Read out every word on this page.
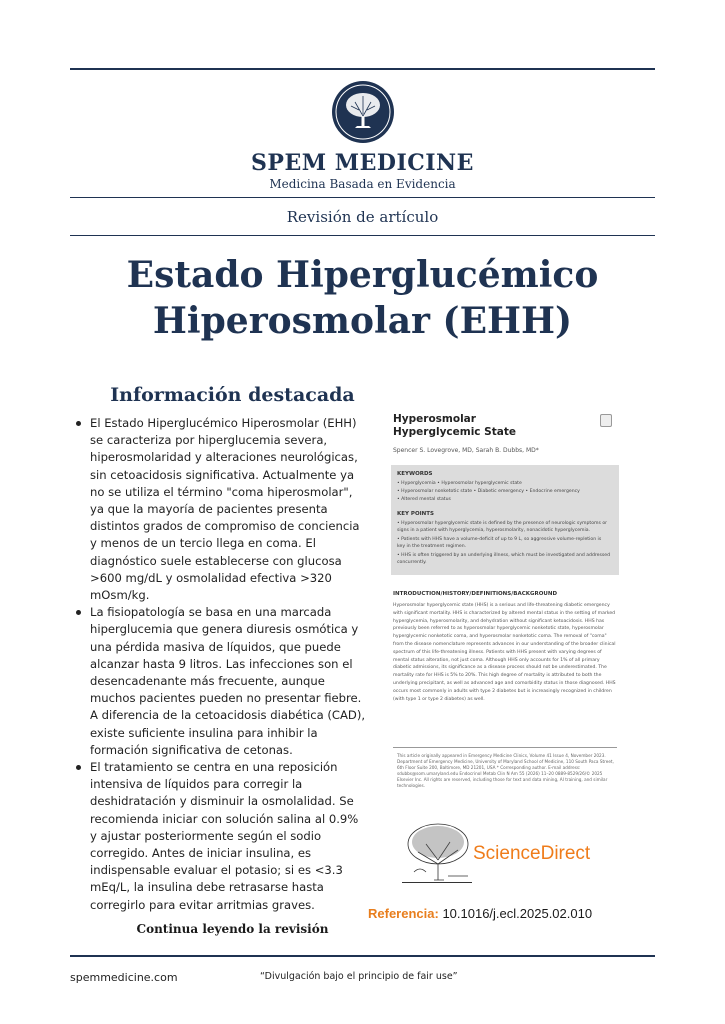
SPEM MEDICINE
Medicina Basada en Evidencia
Revisión de artículo
Estado Hiperglucémico
Hiperosmolar (EHH)
Información destacada
El Estado Hiperglucémico Hiperosmolar (EHH) se caracteriza por hiperglucemia severa, hiperosmolaridad y alteraciones neurológicas, sin cetoacidosis significativa. Actualmente ya no se utiliza el término "coma hiperosmolar", ya que la mayoría de pacientes presenta distintos grados de compromiso de conciencia y menos de un tercio llega en coma. El diagnóstico suele establecerse con glucosa >600 mg/dL y osmolalidad efectiva >320 mOsm/kg.
La fisiopatología se basa en una marcada hiperglucemia que genera diuresis osmótica y una pérdida masiva de líquidos, que puede alcanzar hasta 9 litros. Las infecciones son el desencadenante más frecuente, aunque muchos pacientes pueden no presentar fiebre. A diferencia de la cetoacidosis diabética (CAD), existe suficiente insulina para inhibir la formación significativa de cetonas.
El tratamiento se centra en una reposición intensiva de líquidos para corregir la deshidratación y disminuir la osmolalidad. Se recomienda iniciar con solución salina al 0.9% y ajustar posteriormente según el sodio corregido. Antes de iniciar insulina, es indispensable evaluar el potasio; si es <3.3 mEq/L, la insulina debe retrasarse hasta corregirlo para evitar arritmias graves.
Continua leyendo la revisión
Hyperosmolar
Hyperglycemic State
Spencer S. Lovegrove, MD, Sarah B. Dubbs, MD*
KEYWORDS
• Hyperglycemia • Hyperosmolar hyperglycemic state
• Hyperosmolar nonketotic state • Diabetic emergency • Endocrine emergency
• Altered mental status
KEY POINTS
• Hyperosmolar hyperglycemic state is defined by the presence of neurologic symptoms or
signs in a patient with hyperglycemia, hyperosmolarity, nonacidotic hyperglycemia.
• Patients with HHS have a volume-deficit of up to 9 L, so aggressive volume-repletion is
key in the treatment regimen.
• HHS is often triggered by an underlying illness, which must be investigated and addressed
concurrently.
INTRODUCTION/HISTORY/DEFINITIONS/BACKGROUND
Hyperosmolar hyperglycemic state (HHS) is a serious and life-threatening diabetic emergency with significant mortality. HHS is characterized by altered mental status in the setting of marked hyperglycemia, hyperosmolarity, and dehydration without significant ketoacidosis. HHS has previously been referred to as hyperosmolar hyperglycemic nonketotic state, hyperosmolar hyperglycemic nonketotic coma, and hyperosmolar nonketotic coma. The removal of "coma" from the disease nomenclature represents advances in our understanding of the broader clinical spectrum of this life-threatening illness. Patients with HHS present with varying degrees of mental status alteration, not just coma. Although HHS only accounts for 1% of all primary diabetic admissions, its significance as a disease process should not be underestimated. The mortality rate for HHS is 5% to 20%. This high degree of mortality is attributed to both the underlying precipitant, as well as advanced age and comorbidity status in those diagnosed. HHS occurs most commonly in adults with type 2 diabetes but is increasingly recognized in children (with type 1 or type 2 diabetes) as well.
This article originally appeared in Emergency Medicine Clinics, Volume 41 Issue 4, November 2023. Department of Emergency Medicine, University of Maryland School of Medicine, 110 South Paca Street, 6th Floor Suite 200, Baltimore, MD 21201, USA * Corresponding author. E-mail address: sdubbs@som.umaryland.edu Endocrinol Metab Clin N Am 55 (2026) 11–20 0889-8529/26/© 2025 Elsevier Inc. All rights are reserved, including those for text and data mining, AI training, and similar technologies.
ScienceDirect
Referencia: 10.1016/j.ecl.2025.02.010
spemmedicine.com	“Divulgación bajo el principio de fair use”
